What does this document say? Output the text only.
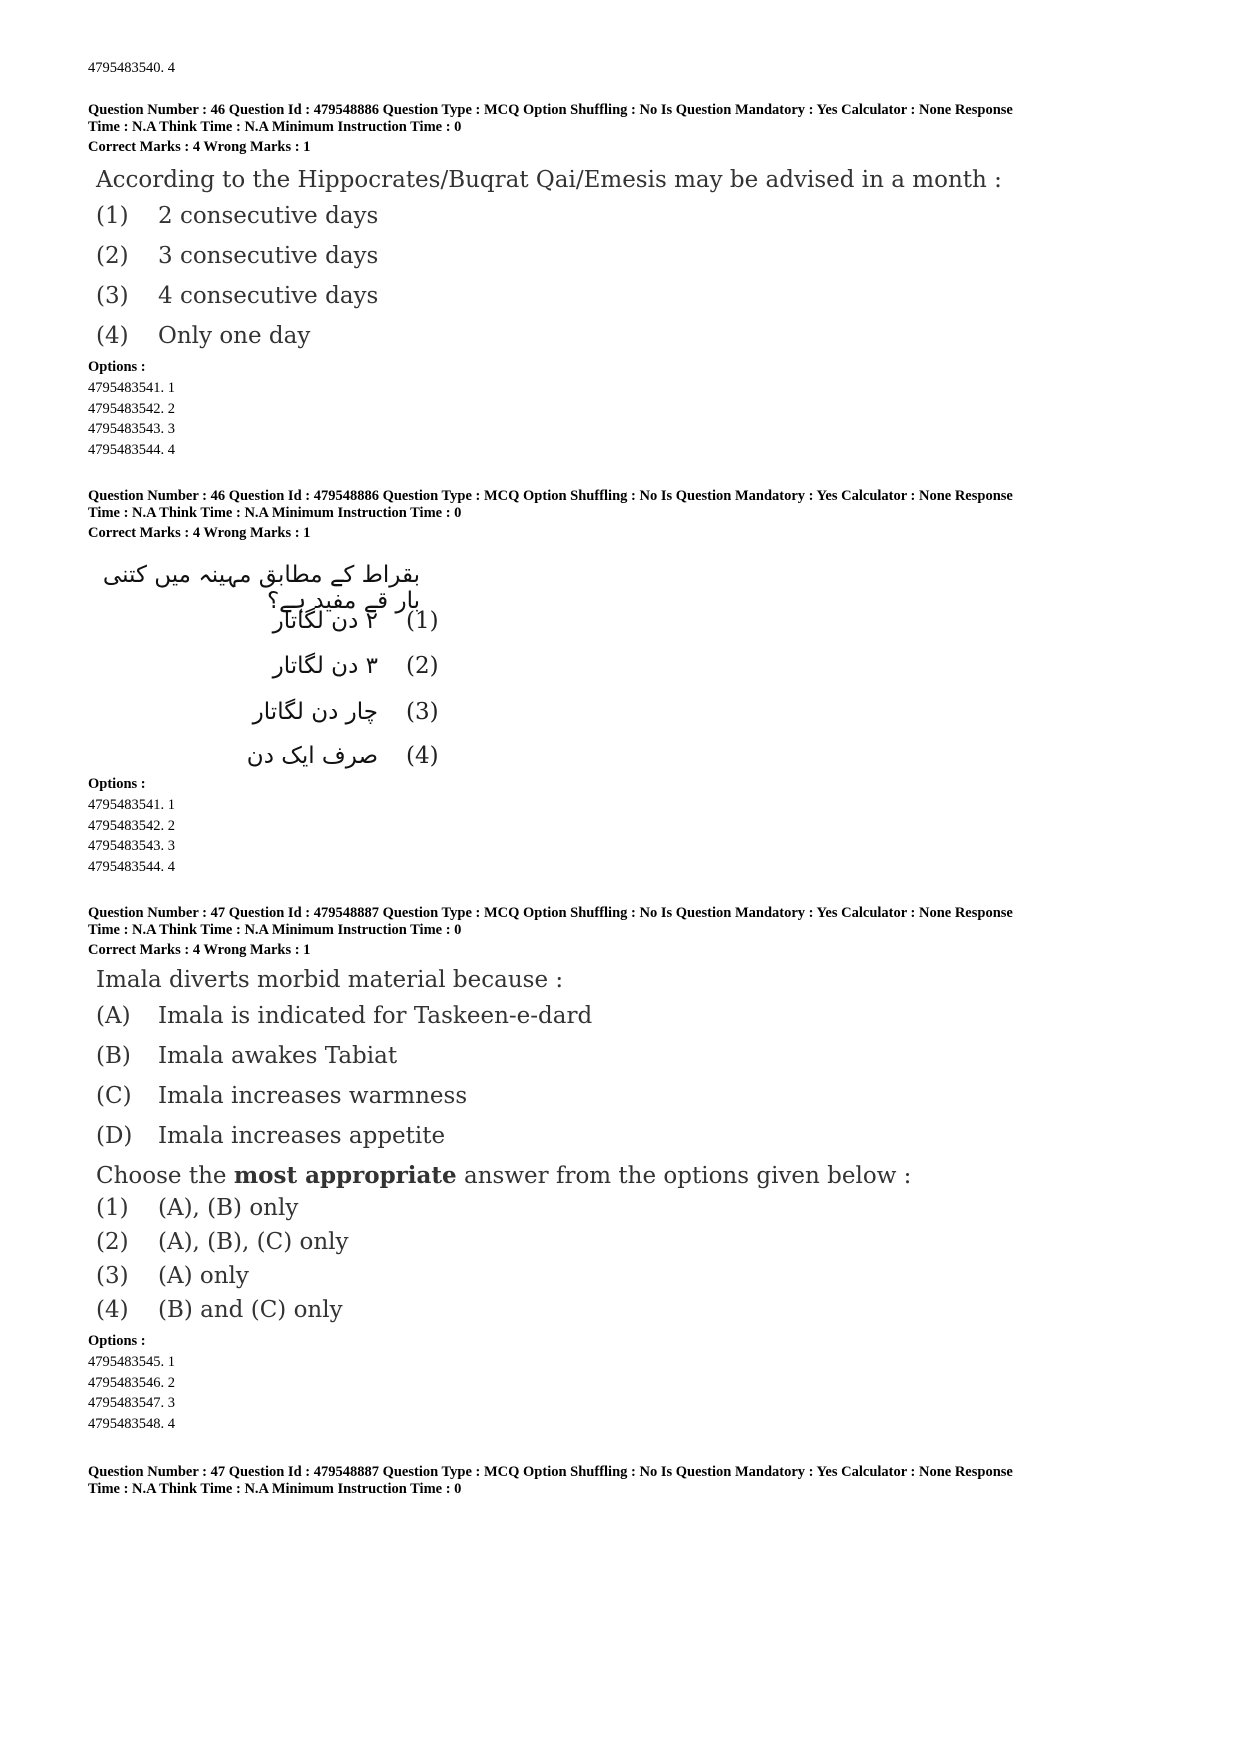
4795483540. 4
Question Number : 46 Question Id : 479548886 Question Type : MCQ Option Shuffling : No Is Question Mandatory : Yes Calculator : None Response
Time : N.A Think Time : N.A Minimum Instruction Time : 0
Correct Marks : 4 Wrong Marks : 1
According to the Hippocrates/Buqrat Qai/Emesis may be advised in a month :
(1)	2 consecutive days
(2)	3 consecutive days
(3)	4 consecutive days
(4)	Only one day
Options :
4795483541. 1
4795483542. 2
4795483543. 3
4795483544. 4
Question Number : 46 Question Id : 479548886 Question Type : MCQ Option Shuffling : No Is Question Mandatory : Yes Calculator : None Response
Time : N.A Think Time : N.A Minimum Instruction Time : 0
Correct Marks : 4 Wrong Marks : 1
بقراط کے مطابق مہینہ میں کتنی بار قے مفید ہے؟
۲ دن لگاتار (1)
۳ دن لگاتار (2)
چار دن لگاتار (3)
صرف ایک دن (4)
Options :
4795483541. 1
4795483542. 2
4795483543. 3
4795483544. 4
Question Number : 47 Question Id : 479548887 Question Type : MCQ Option Shuffling : No Is Question Mandatory : Yes Calculator : None Response
Time : N.A Think Time : N.A Minimum Instruction Time : 0
Correct Marks : 4 Wrong Marks : 1
Imala diverts morbid material because :
(A)	Imala is indicated for Taskeen-e-dard
(B)	Imala awakes Tabiat
(C)	Imala increases warmness
(D)	Imala increases appetite
Choose the most appropriate answer from the options given below :
(1)	(A), (B) only
(2)	(A), (B), (C) only
(3)	(A) only
(4)	(B) and (C) only
Options :
4795483545. 1
4795483546. 2
4795483547. 3
4795483548. 4
Question Number : 47 Question Id : 479548887 Question Type : MCQ Option Shuffling : No Is Question Mandatory : Yes Calculator : None Response
Time : N.A Think Time : N.A Minimum Instruction Time : 0
